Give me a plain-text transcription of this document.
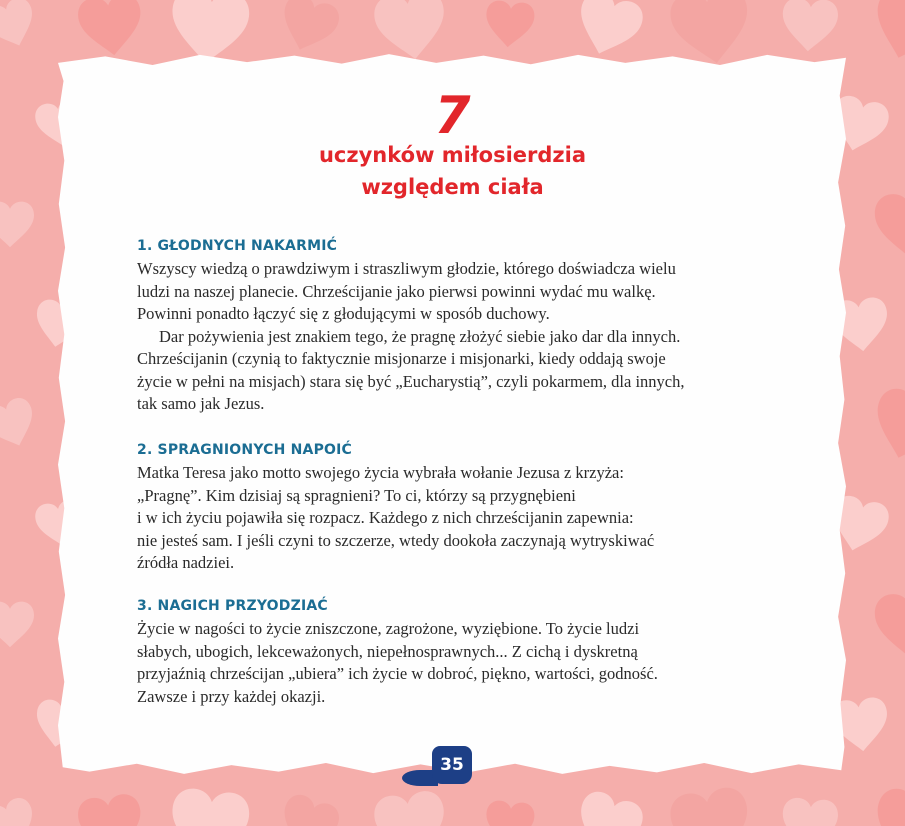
7
uczynków miłosierdzia
względem ciała
1. GŁODNYCH NAKARMIĆ

Wszyscy wiedzą o prawdziwym i straszliwym głodzie, którego doświadcza wielu
ludzi na naszej planecie. Chrześcijanie jako pierwsi powinni wydać mu walkę.
Powinni ponadto łączyć się z głodującymi w sposób duchowy.

Dar pożywienia jest znakiem tego, że pragnę złożyć siebie jako dar dla innych.
Chrześcijanin (czynią to faktycznie misjonarze i misjonarki, kiedy oddają swoje
życie w pełni na misjach) stara się być „Eucharystią”, czyli pokarmem, dla innych,
tak samo jak Jezus.

2. SPRAGNIONYCH NAPOIĆ

Matka Teresa jako motto swojego życia wybrała wołanie Jezusa z krzyża:
„Pragnę”. Kim dzisiaj są spragnieni? To ci, którzy są przygnębieni
i w ich życiu pojawiła się rozpacz. Każdego z nich chrześcijanin zapewnia:
nie jesteś sam. I jeśli czyni to szczerze, wtedy dookoła zaczynają wytryskiwać
źródła nadziei.

3. NAGICH PRZYODZIAĆ

Życie w nagości to życie zniszczone, zagrożone, wyziębione. To życie ludzi
słabych, ubogich, lekceważonych, niepełnosprawnych... Z cichą i dyskretną
przyjaźnią chrześcijan „ubiera” ich życie w dobroć, piękno, wartości, godność.
Zawsze i przy każdej okazji.

35
